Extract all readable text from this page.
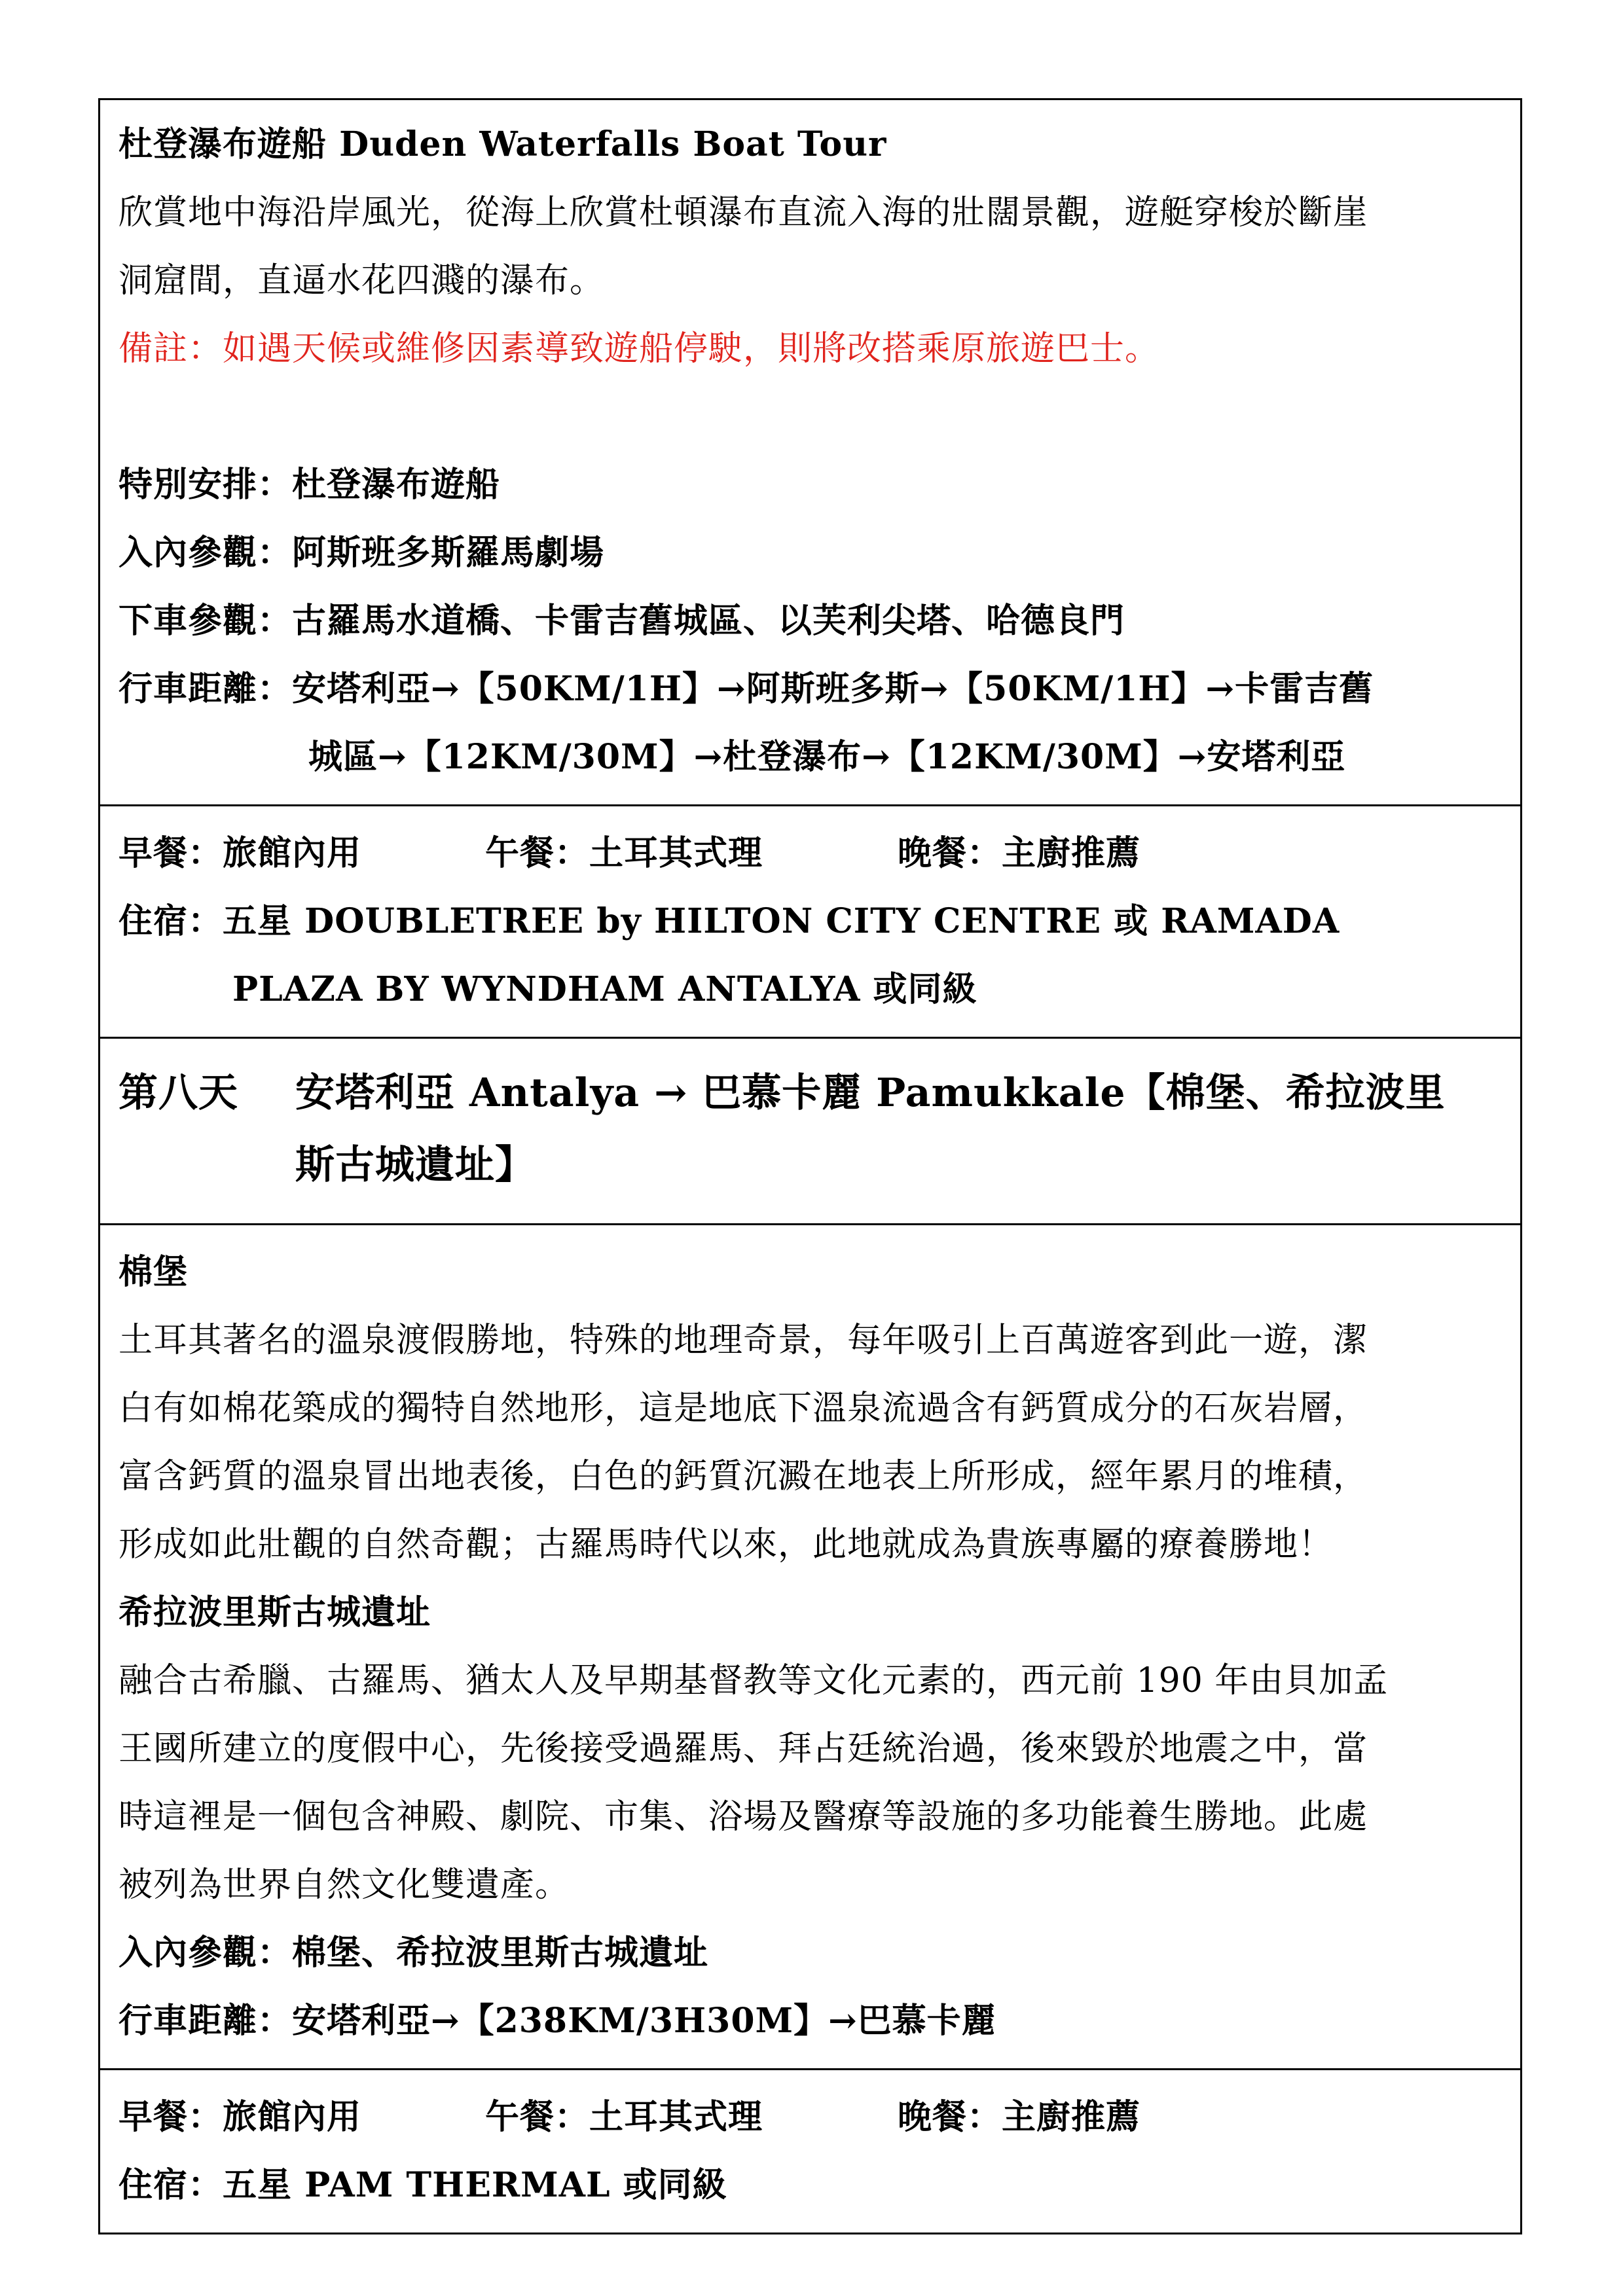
杜登瀑布遊船 Duden Waterfalls Boat Tour
欣賞地中海沿岸風光，從海上欣賞杜頓瀑布直流入海的壯闊景觀，遊艇穿梭於斷崖
洞窟間，直逼水花四濺的瀑布。
備註：如遇天候或維修因素導致遊船停駛，則將改搭乘原旅遊巴士。
特別安排：杜登瀑布遊船
入內參觀：阿斯班多斯羅馬劇場
下車參觀：古羅馬水道橋、卡雷吉舊城區、以芙利尖塔、哈德良門
行車距離：安塔利亞→【50KM/1H】→阿斯班多斯→【50KM/1H】→卡雷吉舊
城區→【12KM/30M】→杜登瀑布→【12KM/30M】→安塔利亞
早餐：旅館內用	午餐：土耳其式理	晚餐：主廚推薦
住宿：五星 DOUBLETREE by HILTON CITY CENTRE 或 RAMADA
PLAZA BY WYNDHAM ANTALYA 或同級
第八天 安塔利亞 Antalya → 巴慕卡麗 Pamukkale【棉堡、希拉波里
斯古城遺址】
棉堡
土耳其著名的溫泉渡假勝地，特殊的地理奇景，每年吸引上百萬遊客到此一遊，潔
白有如棉花築成的獨特自然地形，這是地底下溫泉流過含有鈣質成分的石灰岩層，
富含鈣質的溫泉冒出地表後，白色的鈣質沉澱在地表上所形成，經年累月的堆積，
形成如此壯觀的自然奇觀；古羅馬時代以來，此地就成為貴族專屬的療養勝地！
希拉波里斯古城遺址
融合古希臘、古羅馬、猶太人及早期基督教等文化元素的，西元前 190 年由貝加孟
王國所建立的度假中心，先後接受過羅馬、拜占廷統治過，後來毀於地震之中，當
時這裡是一個包含神殿、劇院、市集、浴場及醫療等設施的多功能養生勝地。此處
被列為世界自然文化雙遺產。
入內參觀：棉堡、希拉波里斯古城遺址
行車距離：安塔利亞→【238KM/3H30M】→巴慕卡麗
早餐：旅館內用	午餐：土耳其式理	晚餐：主廚推薦
住宿：五星 PAM THERMAL 或同級
